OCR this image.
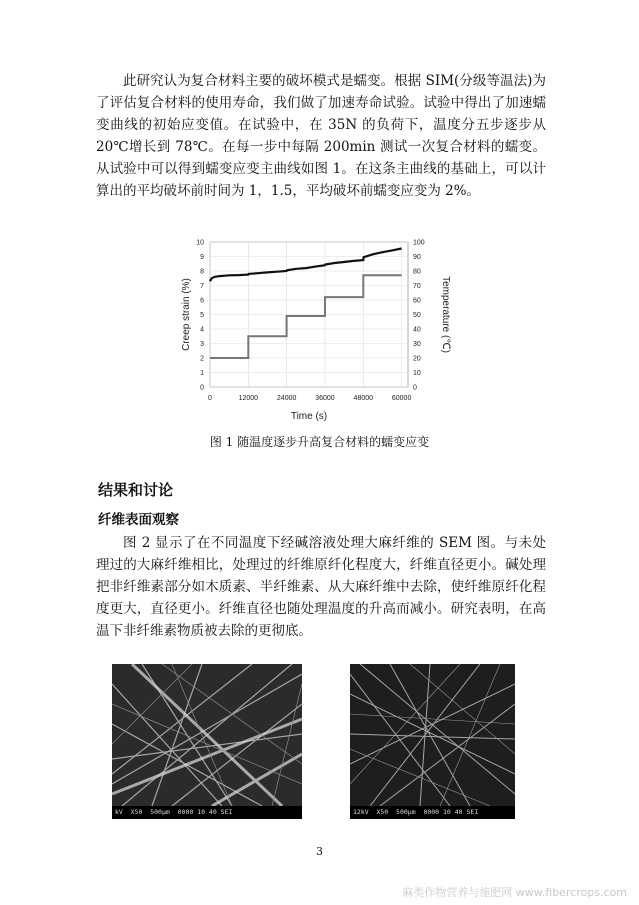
此研究认为复合材料主要的破坏模式是蠕变。根据 SIM(分级等温法)为了评估复合材料的使用寿命，我们做了加速寿命试验。试验中得出了加速蠕变曲线的初始应变值。在试验中，在 35N 的负荷下，温度分五步逐步从 20℃增长到 78℃。在每一步中每隔 200min 测试一次复合材料的蠕变。从试验中可以得到蠕变应变主曲线如图 1。在这条主曲线的基础上，可以计算出的平均破坏前时间为 1，1.5，平均破坏前蠕变应变为 2%。

0	12000	24000	36000	48000	60000
0
1
2
3
4
5
6
7
8
9
10
0
10
20
30
40
50
60
70
80
90
100
Time (s)
Creep strain (%)	Temperature (℃)
图 1 随温度逐步升高复合材料的蠕变应变
结果和讨论
纤维表面观察

图 2 显示了在不同温度下经碱溶液处理大麻纤维的 SEM 图。与未处理过的大麻纤维相比，处理过的纤维原纤化程度大，纤维直径更小。碱处理把非纤维素部分如木质素、半纤维素、从大麻纤维中去除，使纤维原纤化程度更大，直径更小。纤维直径也随处理温度的升高而减小。研究表明，在高温下非纤维素物质被去除的更彻底。

kV  X50  500μm  0000 10 40 SEI	12kV  X50  500μm  0000 10 40 SEI
3
麻类作物营养与施肥网 www.fibercrops.com
